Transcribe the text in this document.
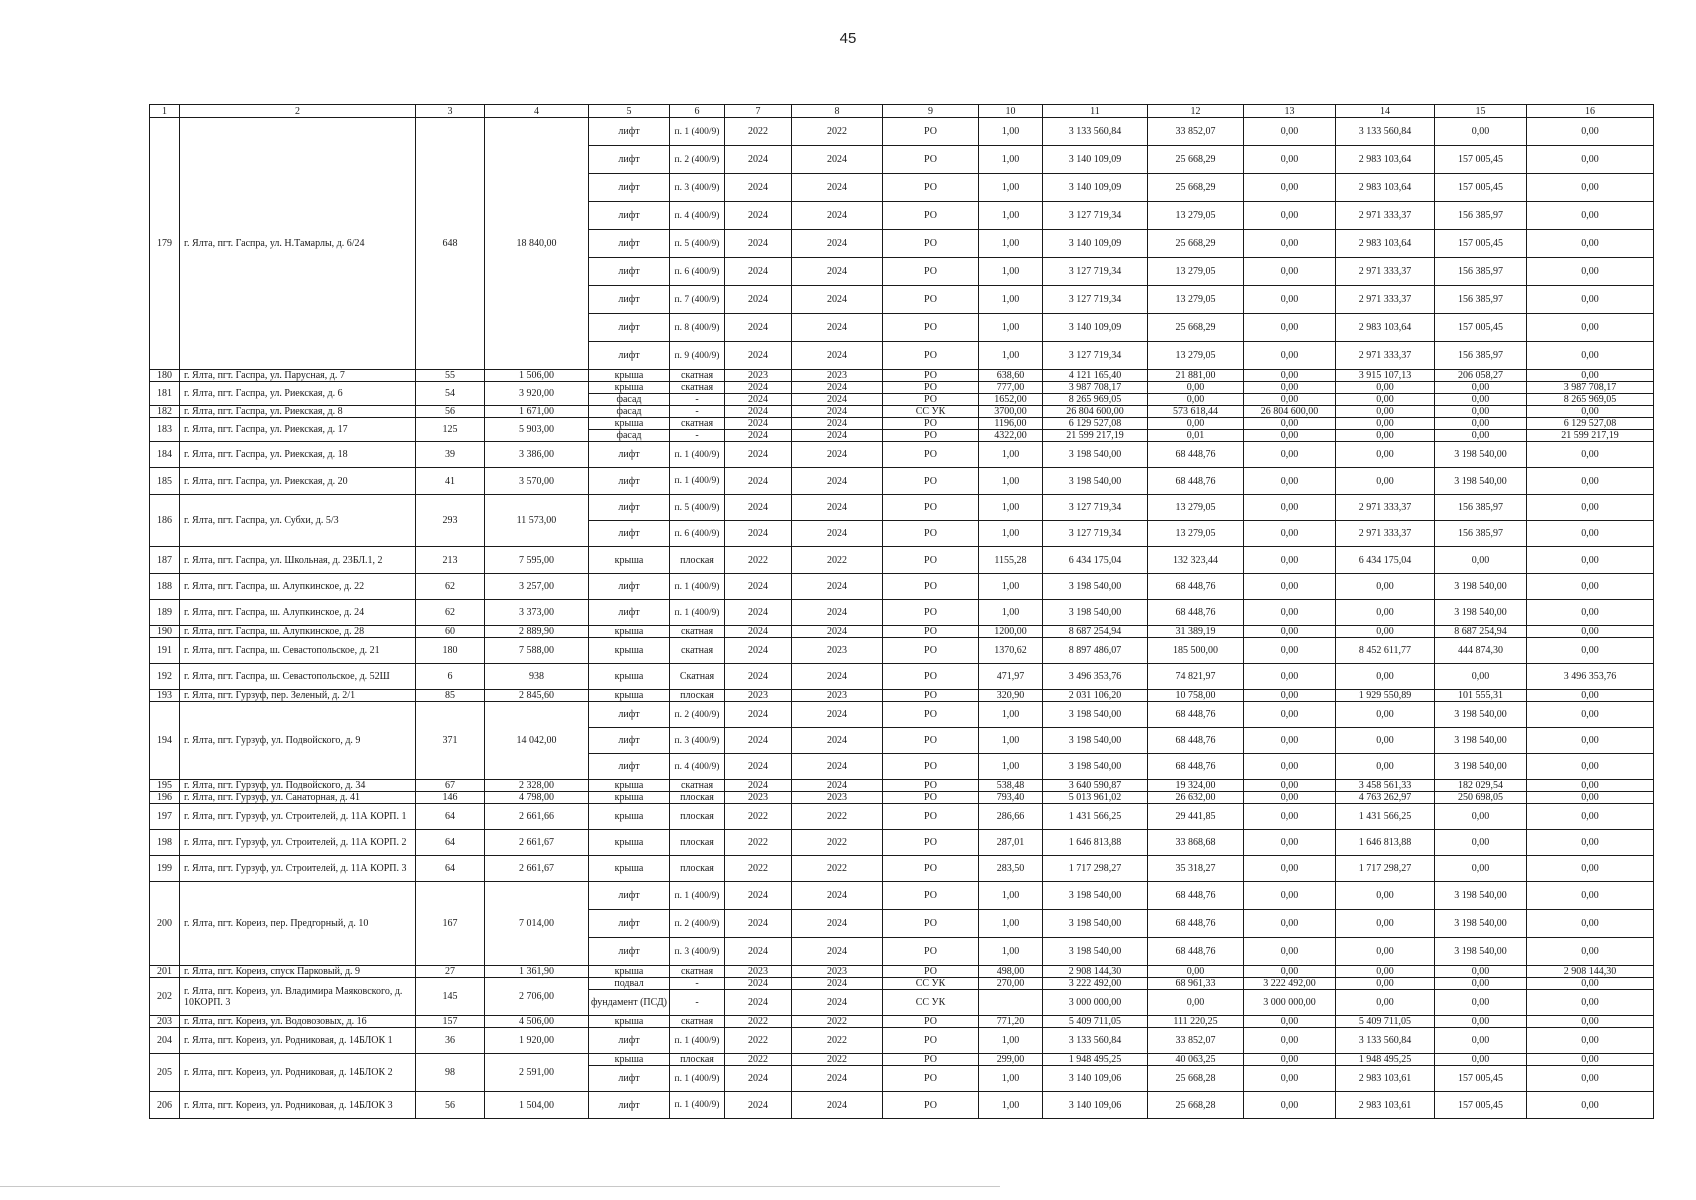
45
1	2	3	4	5	6	7	8	9	10	11	12	13	14	15	16
179	г. Ялта, пгт. Гаспра, ул. Н.Тамарлы, д. 6/24	648	18 840,00	лифт	п. 1 (400/9)	2022	2022	РО	1,00	3 133 560,84	33 852,07	0,00	3 133 560,84	0,00	0,00
				лифт	п. 2 (400/9)	2024	2024	РО	1,00	3 140 109,09	25 668,29	0,00	2 983 103,64	157 005,45	0,00
				лифт	п. 3 (400/9)	2024	2024	РО	1,00	3 140 109,09	25 668,29	0,00	2 983 103,64	157 005,45	0,00
				лифт	п. 4 (400/9)	2024	2024	РО	1,00	3 127 719,34	13 279,05	0,00	2 971 333,37	156 385,97	0,00
				лифт	п. 5 (400/9)	2024	2024	РО	1,00	3 140 109,09	25 668,29	0,00	2 983 103,64	157 005,45	0,00
				лифт	п. 6 (400/9)	2024	2024	РО	1,00	3 127 719,34	13 279,05	0,00	2 971 333,37	156 385,97	0,00
				лифт	п. 7 (400/9)	2024	2024	РО	1,00	3 127 719,34	13 279,05	0,00	2 971 333,37	156 385,97	0,00
				лифт	п. 8 (400/9)	2024	2024	РО	1,00	3 140 109,09	25 668,29	0,00	2 983 103,64	157 005,45	0,00
				лифт	п. 9 (400/9)	2024	2024	РО	1,00	3 127 719,34	13 279,05	0,00	2 971 333,37	156 385,97	0,00
180	г. Ялта, пгт. Гаспра, ул. Парусная, д. 7	55	1 506,00	крыша	скатная	2023	2023	РО	638,60	4 121 165,40	21 881,00	0,00	3 915 107,13	206 058,27	0,00
181	г. Ялта, пгт. Гаспра, ул. Риекская, д. 6	54	3 920,00	крыша	скатная	2024	2024	РО	777,00	3 987 708,17	0,00	0,00	0,00	0,00	3 987 708,17
				фасад	-	2024	2024	РО	1652,00	8 265 969,05	0,00	0,00	0,00	0,00	8 265 969,05
182	г. Ялта, пгт. Гаспра, ул. Риекская, д. 8	56	1 671,00	фасад	-	2024	2024	СС УК	3700,00	26 804 600,00	573 618,44	26 804 600,00	0,00	0,00	0,00
183	г. Ялта, пгт. Гаспра, ул. Риекская, д. 17	125	5 903,00	крыша	скатная	2024	2024	РО	1196,00	6 129 527,08	0,00	0,00	0,00	0,00	6 129 527,08
				фасад	-	2024	2024	РО	4322,00	21 599 217,19	0,01	0,00	0,00	0,00	21 599 217,19
184	г. Ялта, пгт. Гаспра, ул. Риекская, д. 18	39	3 386,00	лифт	п. 1 (400/9)	2024	2024	РО	1,00	3 198 540,00	68 448,76	0,00	0,00	3 198 540,00	0,00
185	г. Ялта, пгт. Гаспра, ул. Риекская, д. 20	41	3 570,00	лифт	п. 1 (400/9)	2024	2024	РО	1,00	3 198 540,00	68 448,76	0,00	0,00	3 198 540,00	0,00
186	г. Ялта, пгт. Гаспра, ул. Субхи, д. 5/3	293	11 573,00	лифт	п. 5 (400/9)	2024	2024	РО	1,00	3 127 719,34	13 279,05	0,00	2 971 333,37	156 385,97	0,00
				лифт	п. 6 (400/9)	2024	2024	РО	1,00	3 127 719,34	13 279,05	0,00	2 971 333,37	156 385,97	0,00
187	г. Ялта, пгт. Гаспра, ул. Школьная, д. 23БЛ.1, 2	213	7 595,00	крыша	плоская	2022	2022	РО	1155,28	6 434 175,04	132 323,44	0,00	6 434 175,04	0,00	0,00
188	г. Ялта, пгт. Гаспра, ш. Алупкинское, д. 22	62	3 257,00	лифт	п. 1 (400/9)	2024	2024	РО	1,00	3 198 540,00	68 448,76	0,00	0,00	3 198 540,00	0,00
189	г. Ялта, пгт. Гаспра, ш. Алупкинское, д. 24	62	3 373,00	лифт	п. 1 (400/9)	2024	2024	РО	1,00	3 198 540,00	68 448,76	0,00	0,00	3 198 540,00	0,00
190	г. Ялта, пгт. Гаспра, ш. Алупкинское, д. 28	60	2 889,90	крыша	скатная	2024	2024	РО	1200,00	8 687 254,94	31 389,19	0,00	0,00	8 687 254,94	0,00
191	г. Ялта, пгт. Гаспра, ш. Севастопольское, д. 21	180	7 588,00	крыша	скатная	2024	2023	РО	1370,62	8 897 486,07	185 500,00	0,00	8 452 611,77	444 874,30	0,00
192	г. Ялта, пгт. Гаспра, ш. Севастопольское, д. 52Ш	6	938	крыша	Скатная	2024	2024	РО	471,97	3 496 353,76	74 821,97	0,00	0,00	0,00	3 496 353,76
193	г. Ялта, пгт. Гурзуф, пер. Зеленый, д. 2/1	85	2 845,60	крыша	плоская	2023	2023	РО	320,90	2 031 106,20	10 758,00	0,00	1 929 550,89	101 555,31	0,00
194	г. Ялта, пгт. Гурзуф, ул. Подвойского, д. 9	371	14 042,00	лифт	п. 2 (400/9)	2024	2024	РО	1,00	3 198 540,00	68 448,76	0,00	0,00	3 198 540,00	0,00
				лифт	п. 3 (400/9)	2024	2024	РО	1,00	3 198 540,00	68 448,76	0,00	0,00	3 198 540,00	0,00
				лифт	п. 4 (400/9)	2024	2024	РО	1,00	3 198 540,00	68 448,76	0,00	0,00	3 198 540,00	0,00
195	г. Ялта, пгт. Гурзуф, ул. Подвойского, д. 34	67	2 328,00	крыша	скатная	2024	2024	РО	538,48	3 640 590,87	19 324,00	0,00	3 458 561,33	182 029,54	0,00
196	г. Ялта, пгт. Гурзуф, ул. Санаторная, д. 41	146	4 798,00	крыша	плоская	2023	2023	РО	793,40	5 013 961,02	26 632,00	0,00	4 763 262,97	250 698,05	0,00
197	г. Ялта, пгт. Гурзуф, ул. Строителей, д. 11А КОРП. 1	64	2 661,66	крыша	плоская	2022	2022	РО	286,66	1 431 566,25	29 441,85	0,00	1 431 566,25	0,00	0,00
198	г. Ялта, пгт. Гурзуф, ул. Строителей, д. 11А КОРП. 2	64	2 661,67	крыша	плоская	2022	2022	РО	287,01	1 646 813,88	33 868,68	0,00	1 646 813,88	0,00	0,00
199	г. Ялта, пгт. Гурзуф, ул. Строителей, д. 11А КОРП. 3	64	2 661,67	крыша	плоская	2022	2022	РО	283,50	1 717 298,27	35 318,27	0,00	1 717 298,27	0,00	0,00
200	г. Ялта, пгт. Кореиз, пер. Предгорный, д. 10	167	7 014,00	лифт	п. 1 (400/9)	2024	2024	РО	1,00	3 198 540,00	68 448,76	0,00	0,00	3 198 540,00	0,00
				лифт	п. 2 (400/9)	2024	2024	РО	1,00	3 198 540,00	68 448,76	0,00	0,00	3 198 540,00	0,00
				лифт	п. 3 (400/9)	2024	2024	РО	1,00	3 198 540,00	68 448,76	0,00	0,00	3 198 540,00	0,00
201	г. Ялта, пгт. Кореиз, спуск Парковый, д. 9	27	1 361,90	крыша	скатная	2023	2023	РО	498,00	2 908 144,30	0,00	0,00	0,00	0,00	2 908 144,30
202	г. Ялта, пгт. Кореиз, ул. Владимира Маяковского, д. 10КОРП. 3	145	2 706,00	подвал	-	2024	2024	СС УК	270,00	3 222 492,00	68 961,33	3 222 492,00	0,00	0,00	0,00
				фундамент (ПСД)	-	2024	2024	СС УК		3 000 000,00	0,00	3 000 000,00	0,00	0,00	0,00
203	г. Ялта, пгт. Кореиз, ул. Водовозовых, д. 16	157	4 506,00	крыша	скатная	2022	2022	РО	771,20	5 409 711,05	111 220,25	0,00	5 409 711,05	0,00	0,00
204	г. Ялта, пгт. Кореиз, ул. Родниковая, д. 14БЛОК 1	36	1 920,00	лифт	п. 1 (400/9)	2022	2022	РО	1,00	3 133 560,84	33 852,07	0,00	3 133 560,84	0,00	0,00
205	г. Ялта, пгт. Кореиз, ул. Родниковая, д. 14БЛОК 2	98	2 591,00	крыша	плоская	2022	2022	РО	299,00	1 948 495,25	40 063,25	0,00	1 948 495,25	0,00	0,00
				лифт	п. 1 (400/9)	2024	2024	РО	1,00	3 140 109,06	25 668,28	0,00	2 983 103,61	157 005,45	0,00
206	г. Ялта, пгт. Кореиз, ул. Родниковая, д. 14БЛОК 3	56	1 504,00	лифт	п. 1 (400/9)	2024	2024	РО	1,00	3 140 109,06	25 668,28	0,00	2 983 103,61	157 005,45	0,00
